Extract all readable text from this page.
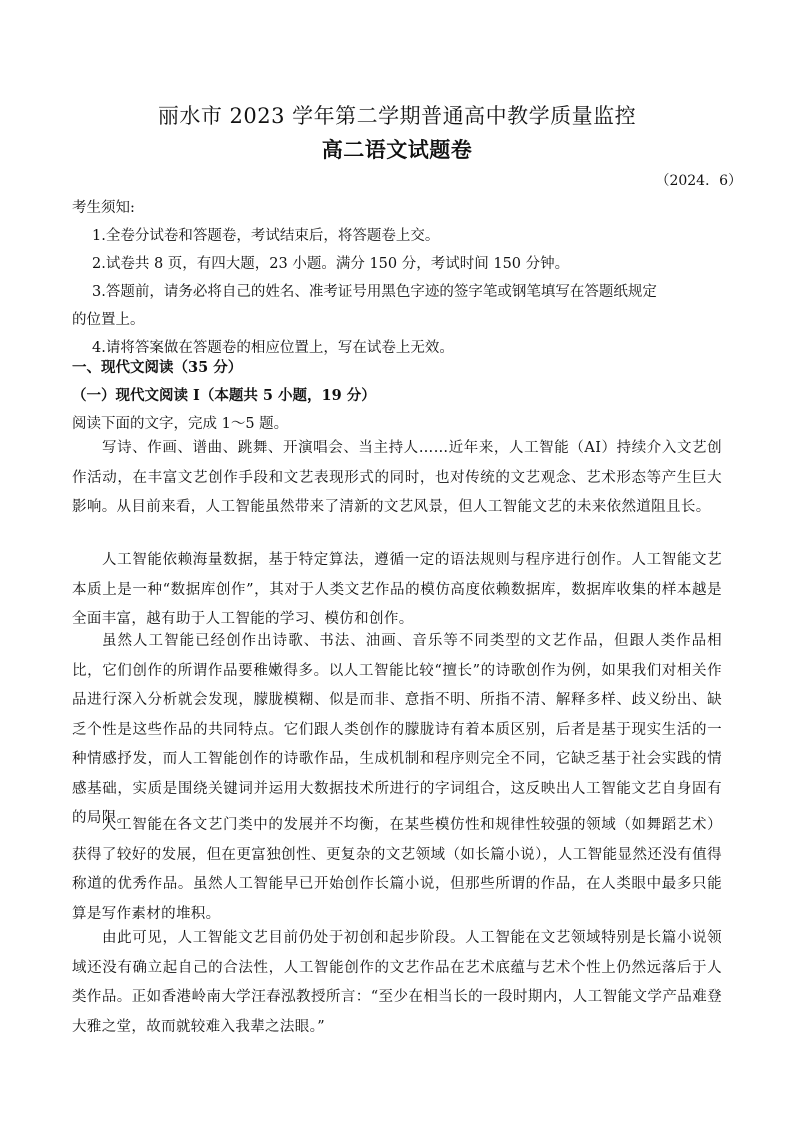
丽水市 2023 学年第二学期普通高中教学质量监控
高二语文试题卷
（2024．6）
考生须知:
1.全卷分试卷和答题卷，考试结束后，将答题卷上交。
2.试卷共 8 页，有四大题，23 小题。满分 150 分，考试时间 150 分钟。
3.答题前，请务必将自己的姓名、准考证号用黑色字迹的签字笔或钢笔填写在答题纸规定
的位置上。
4.请将答案做在答题卷的相应位置上，写在试卷上无效。
一、现代文阅读（35 分）
（一）现代文阅读 I（本题共 5 小题，19 分）
阅读下面的文字，完成 1～5 题。
写诗、作画、谱曲、跳舞、开演唱会、当主持人……近年来，人工智能（AI）持续介入文艺创作活动，在丰富文艺创作手段和文艺表现形式的同时，也对传统的文艺观念、艺术形态等产生巨大影响。从目前来看，人工智能虽然带来了清新的文艺风景，但人工智能文艺的未来依然道阻且长。
人工智能依赖海量数据，基于特定算法，遵循一定的语法规则与程序进行创作。人工智能文艺本质上是一种“数据库创作”，其对于人类文艺作品的模仿高度依赖数据库，数据库收集的样本越是全面丰富，越有助于人工智能的学习、模仿和创作。
虽然人工智能已经创作出诗歌、书法、油画、音乐等不同类型的文艺作品，但跟人类作品相比，它们创作的所谓作品要稚嫩得多。以人工智能比较“擅长”的诗歌创作为例，如果我们对相关作品进行深入分析就会发现，朦胧模糊、似是而非、意指不明、所指不清、解释多样、歧义纷出、缺乏个性是这些作品的共同特点。它们跟人类创作的朦胧诗有着本质区别，后者是基于现实生活的一种情感抒发，而人工智能创作的诗歌作品，生成机制和程序则完全不同，它缺乏基于社会实践的情感基础，实质是围绕关键词并运用大数据技术所进行的字词组合，这反映出人工智能文艺自身固有的局限。
人工智能在各文艺门类中的发展并不均衡，在某些模仿性和规律性较强的领域（如舞蹈艺术）获得了较好的发展，但在更富独创性、更复杂的文艺领域（如长篇小说），人工智能显然还没有值得称道的优秀作品。虽然人工智能早已开始创作长篇小说，但那些所谓的作品，在人类眼中最多只能算是写作素材的堆积。
由此可见，人工智能文艺目前仍处于初创和起步阶段。人工智能在文艺领域特别是长篇小说领域还没有确立起自己的合法性，人工智能创作的文艺作品在艺术底蕴与艺术个性上仍然远落后于人类作品。正如香港岭南大学汪春泓教授所言：“至少在相当长的一段时期内，人工智能文学产品难登大雅之堂，故而就较难入我辈之法眼。”
